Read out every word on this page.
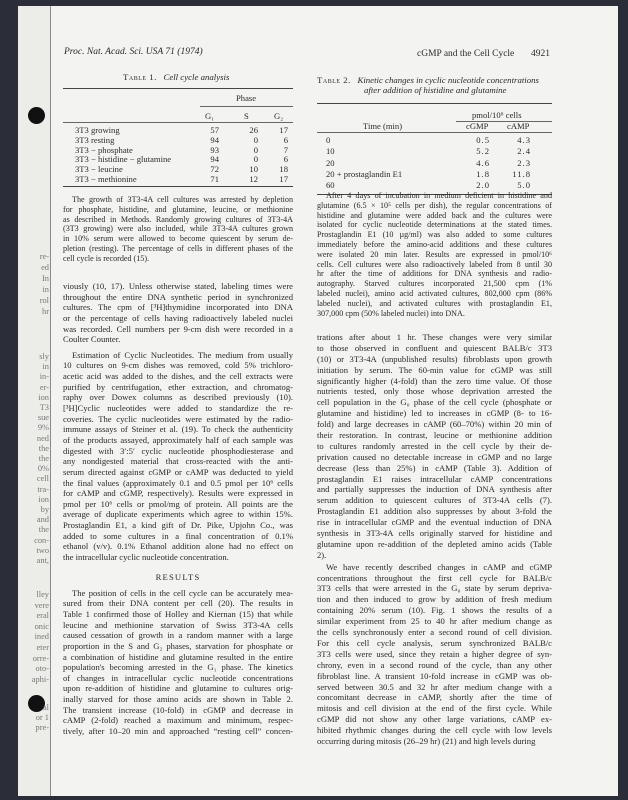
Proc. Nat. Acad. Sci. USA 71 (1974)	cGMP and the Cell Cycle 4921
Table 1. Cell cycle analysis
Phase
G₁	S	G₂
3T3 growing	57	26	17
3T3 resting	94	0	6
3T3 − phosphate	93	0	7
3T3 − histidine − glutamine	94	0	6
3T3 − leucine	72	10	18
3T3 − methionine	71	12	17
The growth of 3T3-4A cell cultures was arrested by depletion
for phosphate, histidine, and glutamine, leucine, or methionine
as described in Methods. Randomly growing cultures of 3T3-4A
(3T3 growing) were also included, while 3T3-4A cultures grown
in 10% serum were allowed to become quiescent by serum de-
pletion (resting). The percentage of cells in different phases of the
cell cycle is recorded (15).
viously (10, 17). Unless otherwise stated, labeling times were
throughout the entire DNA synthetic period in synchronized
cultures. The cpm of [³H]thymidine incorporated into DNA
or the percentage of cells having radioactively labeled nuclei
was recorded. Cell numbers per 9-cm dish were recorded in a
Coulter Counter.
Estimation of Cyclic Nucleotides. The medium from usually
10 cultures on 9-cm dishes was removed, cold 5% trichloro-
acetic acid was added to the dishes, and the cell extracts were
purified by centrifugation, ether extraction, and chromatog-
raphy over Dowex columns as described previously (10).
[³H]Cyclic nucleotides were added to standardize the re-
coveries. The cyclic nucleotides were estimated by the radio-
immune assays of Steiner et al. (19). To check the authenticity
of the products assayed, approximately half of each sample was
digested with 3′:5′ cyclic nucleotide phosphodiesterase and
any nondigested material that cross-reacted with the anti-
serum directed against cGMP or cAMP was deducted to yield
the final values (approximately 0.1 and 0.5 pmol per 10⁶ cells
for cAMP and cGMP, respectively). Results were expressed in
pmol per 10⁶ cells or pmol/mg of protein. All points are the
average of duplicate experiments which agree to within 15%.
Prostaglandin E1, a kind gift of Dr. Pike, Upjohn Co., was
added to some cultures in a final concentration of 0.1%
ethanol (v/v). 0.1% Ethanol addition alone had no effect on
the intracellular cyclic nucleotide concentration.
RESULTS
The position of cells in the cell cycle can be accurately mea-
sured from their DNA content per cell (20). The results in
Table 1 confirmed those of Holley and Kiernan (15) that while
leucine and methionine starvation of Swiss 3T3-4A cells
caused cessation of growth in a random manner with a large
proportion in the S and G₂ phases, starvation for phosphate or
a combination of histidine and glutamine resulted in the entire
population's becoming arrested in the G₁ phase. The kinetics
of changes in intracellular cyclic nucleotide concentrations
upon re-addition of histidine and glutamine to cultures orig-
inally starved for those amino acids are shown in Table 2.
The transient increase (10-fold) in cGMP and decrease in
cAMP (2-fold) reached a maximum and minimum, respec-
tively, after 10–20 min and approached “resting cell” concen-
Table 2. Kinetic changes in cyclic nucleotide concentrations
after addition of histidine and glutamine
pmol/10⁶ cells
Time (min)	cGMP cAMP
0	0.5	4.3
10	5.2	2.4
20	4.6	2.3
20 + prostaglandin E1	1.8	11.8
60	2.0	5.0
After 4 days of incubation in medium deficient in histidine and
glutamine (6.5 × 10⁵ cells per dish), the regular concentrations of
histidine and glutamine were added back and the cultures were
isolated for cyclic nucleotide determinations at the stated times.
Prostaglandin E1 (10 µg/ml) was also added to some cultures
immediately before the amino-acid additions and these cultures
were isolated 20 min later. Results are expressed in pmol/10⁶
cells. Cell cultures were also radioactively labeled from 8 until 30
hr after the time of additions for DNA synthesis and radio-
autography. Starved cultures incorporated 21,500 cpm (1%
labeled nuclei), amino acid activated cultures, 802,000 cpm (86%
labeled nuclei), and activated cultures with prostaglandin E1,
307,000 cpm (50% labeled nuclei) into DNA.
trations after about 1 hr. These changes were very similar
to those observed in confluent and quiescent BALB/c 3T3
(10) or 3T3-4A (unpublished results) fibroblasts upon growth
initiation by serum. The 60-min value for cGMP was still
significantly higher (4-fold) than the zero time value. Of those
nutrients tested, only those whose deprivation arrested the
cell population in the G₀ phase of the cell cycle (phosphate or
glutamine and histidine) led to increases in cGMP (8- to 16-
fold) and large decreases in cAMP (60–70%) within 20 min of
their restoration. In contrast, leucine or methionine addition
to cultures randomly arrested in the cell cycle by their de-
privation caused no detectable increase in cGMP and no large
decrease (less than 25%) in cAMP (Table 3). Addition of
prostaglandin E1 raises intracellular cAMP concentrations
and partially suppresses the induction of DNA synthesis after
serum addition to quiescent cultures of 3T3-4A cells (7).
Prostaglandin E1 addition also suppresses by about 3-fold the
rise in intracellular cGMP and the eventual induction of DNA
synthesis in 3T3-4A cells originally starved for histidine and
glutamine upon re-addition of the depleted amino acids (Table
2).
We have recently described changes in cAMP and cGMP
concentrations throughout the first cell cycle for BALB/c
3T3 cells that were arrested in the G₀ state by serum depriva-
tion and then induced to grow by addition of fresh medium
containing 20% serum (10). Fig. 1 shows the results of a
similar experiment from 25 to 40 hr after medium change as
the cells synchronously enter a second round of cell division.
For this cell cycle analysis, serum synchronized BALB/c
3T3 cells were used, since they retain a higher degree of syn-
chrony, even in a second round of the cycle, than any other
fibroblast line. A transient 10-fold increase in cGMP was ob-
served between 30.5 and 32 hr after medium change with a
concomitant decrease in cAMP, shortly after the time of
mitosis and cell division at the end of the first cycle. While
cGMP did not show any other large variations, cAMP ex-
hibited rhythmic changes during the cell cycle with low levels
occurring during mitosis (26–29 hr) (21) and high levels during
re-
ed
In
in
rol
hr
sly
in
in-
er-
ion
T3
sue
9%
ned
the
the
0%
cell
tra-
ion
by
and
the
con-
two
ant,
lley
vere
eral
onic
ined
eter
orre-
oto-
aphi-
al
or 1
pre-
